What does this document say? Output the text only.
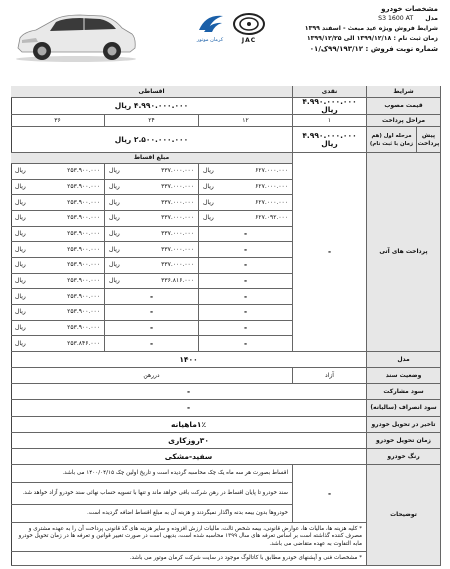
کرمان موتور	JAC
مشخصات خودرو
مدلS3 1600 AT
شرایط فروش ویژه عید مبعث - اسفند ۱۳۹۹
زمان ثبت نام : ۱۳۹۹/۱۲/۱۸ الی ۱۳۹۹/۱۲/۲۵
شماره نوبت فروش : ۹۹/۱۹۳/۱۲ک/۰۱
شرایط
نقدی
اقساطی
قیمت مصوب
۴.۹۹۰.۰۰۰.۰۰۰ ریال
۴.۹۹۰.۰۰۰.۰۰۰ ریال
مراحل پرداخت
۱
۱۲
۲۴
۳۶
پیش پرداخت
مرحله اول (هم زمان با ثبت نام)
۴.۹۹۰.۰۰۰.۰۰۰ ریال
۲.۵۰۰.۰۰۰.۰۰۰ ریال
مبلغ اقساط
پرداخت های آتی
-
مدل
۱۴۰۰
وضعیت سند
آزاد
دررهن
سود مشارکت
-
سود انصراف (سالیانه)
-
تاخیر در تحویل خودرو
۱٪ماهیانه
زمان تحویل خودرو
۳۰روزکاری
رنگ خودرو
سفید-مشکی
توضیحات
-
اقساط بصورت هر سه ماه یک چک محاسبه گردیده است و تاریخ اولین چک ۱۴۰۰/۰۴/۱۵ می باشد.
سند خودرو تا پایان اقساط در رهن شرکت باقی خواهد ماند و تنها با تسویه حساب نهائی سند خودرو آزاد خواهد شد.
خودروها بدون بیمه بدنه واگذار نمیگردند و هزینه آن به مبلغ اقساط اضافه گردیده است.
* کلیه هزینه ها، مالیات ها، عوارض قانونی، بیمه شخص ثالث، مالیات ارزش افزوده و سایر هزینه های گذ قانونی پرداخت آن را به عهده مشتری و مصرف کننده گذاشته است بر اساس تعرفه های سال ۱۳۹۹ محاسبه شده است، بدیهی است در صورت تغییر قوانین و تعرفه ها در زمان تحویل خودرو مابه التفاوت به عهده متقاضی می باشد.
* مشخصات فنی و آپشنهای خودرو مطابق با کاتالوگ موجود در سایت شرکت کرمان موتور می باشد.
۶۲۷.۰۰۰.۰۰۰
ریال
۶۲۷.۰۰۰.۰۰۰
ریال
۶۲۷.۰۰۰.۰۰۰
ریال
۶۲۷.۰۹۲.۰۰۰
ریال
-
-
-
-
-
-
-
-
۳۳۷.۰۰۰.۰۰۰
ریال
۳۳۷.۰۰۰.۰۰۰
ریال
۳۳۷.۰۰۰.۰۰۰
ریال
۳۳۷.۰۰۰.۰۰۰
ریال
۳۳۷.۰۰۰.۰۰۰
ریال
۳۳۷.۰۰۰.۰۰۰
ریال
۳۳۷.۰۰۰.۰۰۰
ریال
۳۳۶.۸۱۶.۰۰۰
ریال
-
-
-
-
۲۵۳.۹۰۰.۰۰۰
ریال
۲۵۳.۹۰۰.۰۰۰
ریال
۲۵۳.۹۰۰.۰۰۰
ریال
۲۵۳.۹۰۰.۰۰۰
ریال
۲۵۳.۹۰۰.۰۰۰
ریال
۲۵۳.۹۰۰.۰۰۰
ریال
۲۵۳.۹۰۰.۰۰۰
ریال
۲۵۳.۹۰۰.۰۰۰
ریال
۲۵۳.۹۰۰.۰۰۰
ریال
۲۵۳.۹۰۰.۰۰۰
ریال
۲۵۳.۹۰۰.۰۰۰
ریال
۲۵۳.۸۴۶.۰۰۰
ریال
